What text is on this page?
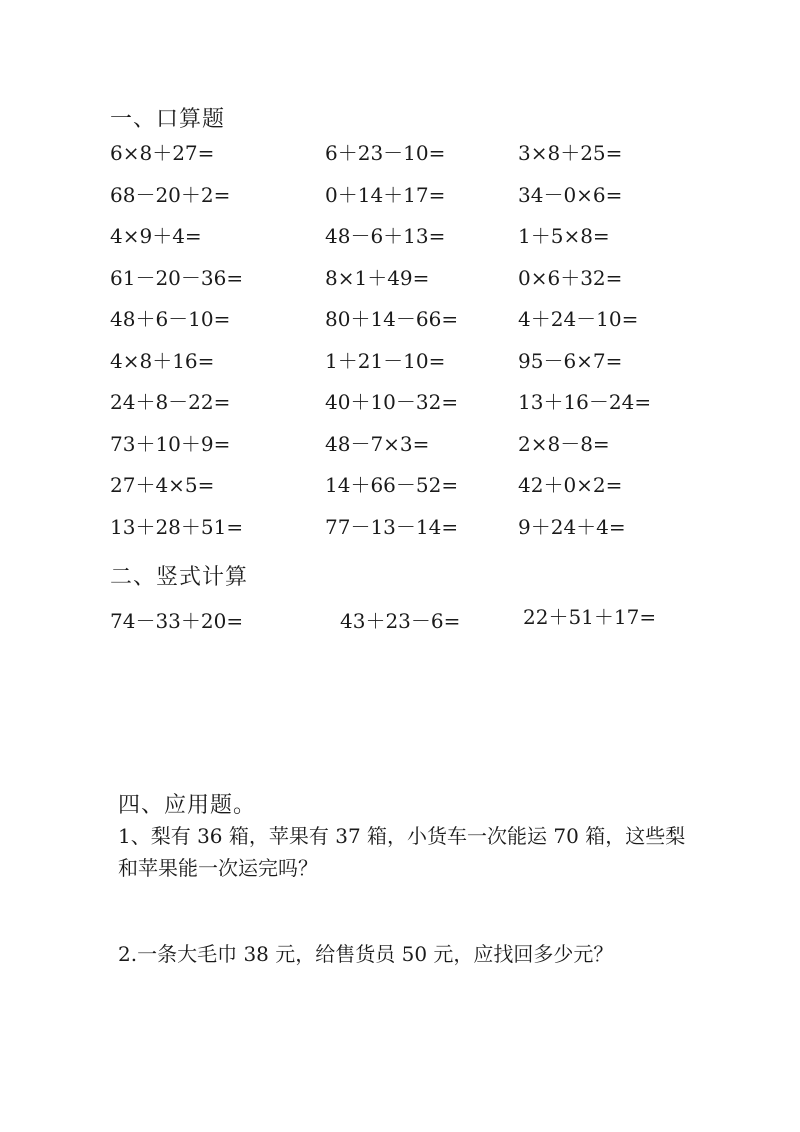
一、口算题
6×8＋27=	6＋23－10=	3×8＋25=
68－20＋2=	0＋14＋17=	34－0×6=
4×9＋4=	48－6＋13=	1＋5×8=
61－20－36=	8×1＋49=	0×6＋32=
48＋6－10=	80＋14－66=	4＋24－10=
4×8＋16=	1＋21－10=	95－6×7=
24＋8－22=	40＋10－32=	13＋16－24=
73＋10＋9=	48－7×3=	2×8－8=
27＋4×5=	14＋66－52=	42＋0×2=
13＋28＋51=	77－13－14=	9＋24＋4=
二、竖式计算
74－33＋20=	43＋23－6=	22＋51＋17=
四、应用题。
1、梨有 36 箱，苹果有 37 箱，小货车一次能运 70 箱，这些梨和苹果能一次运完吗？
2.一条大毛巾 38 元，给售货员 50 元，应找回多少元？
